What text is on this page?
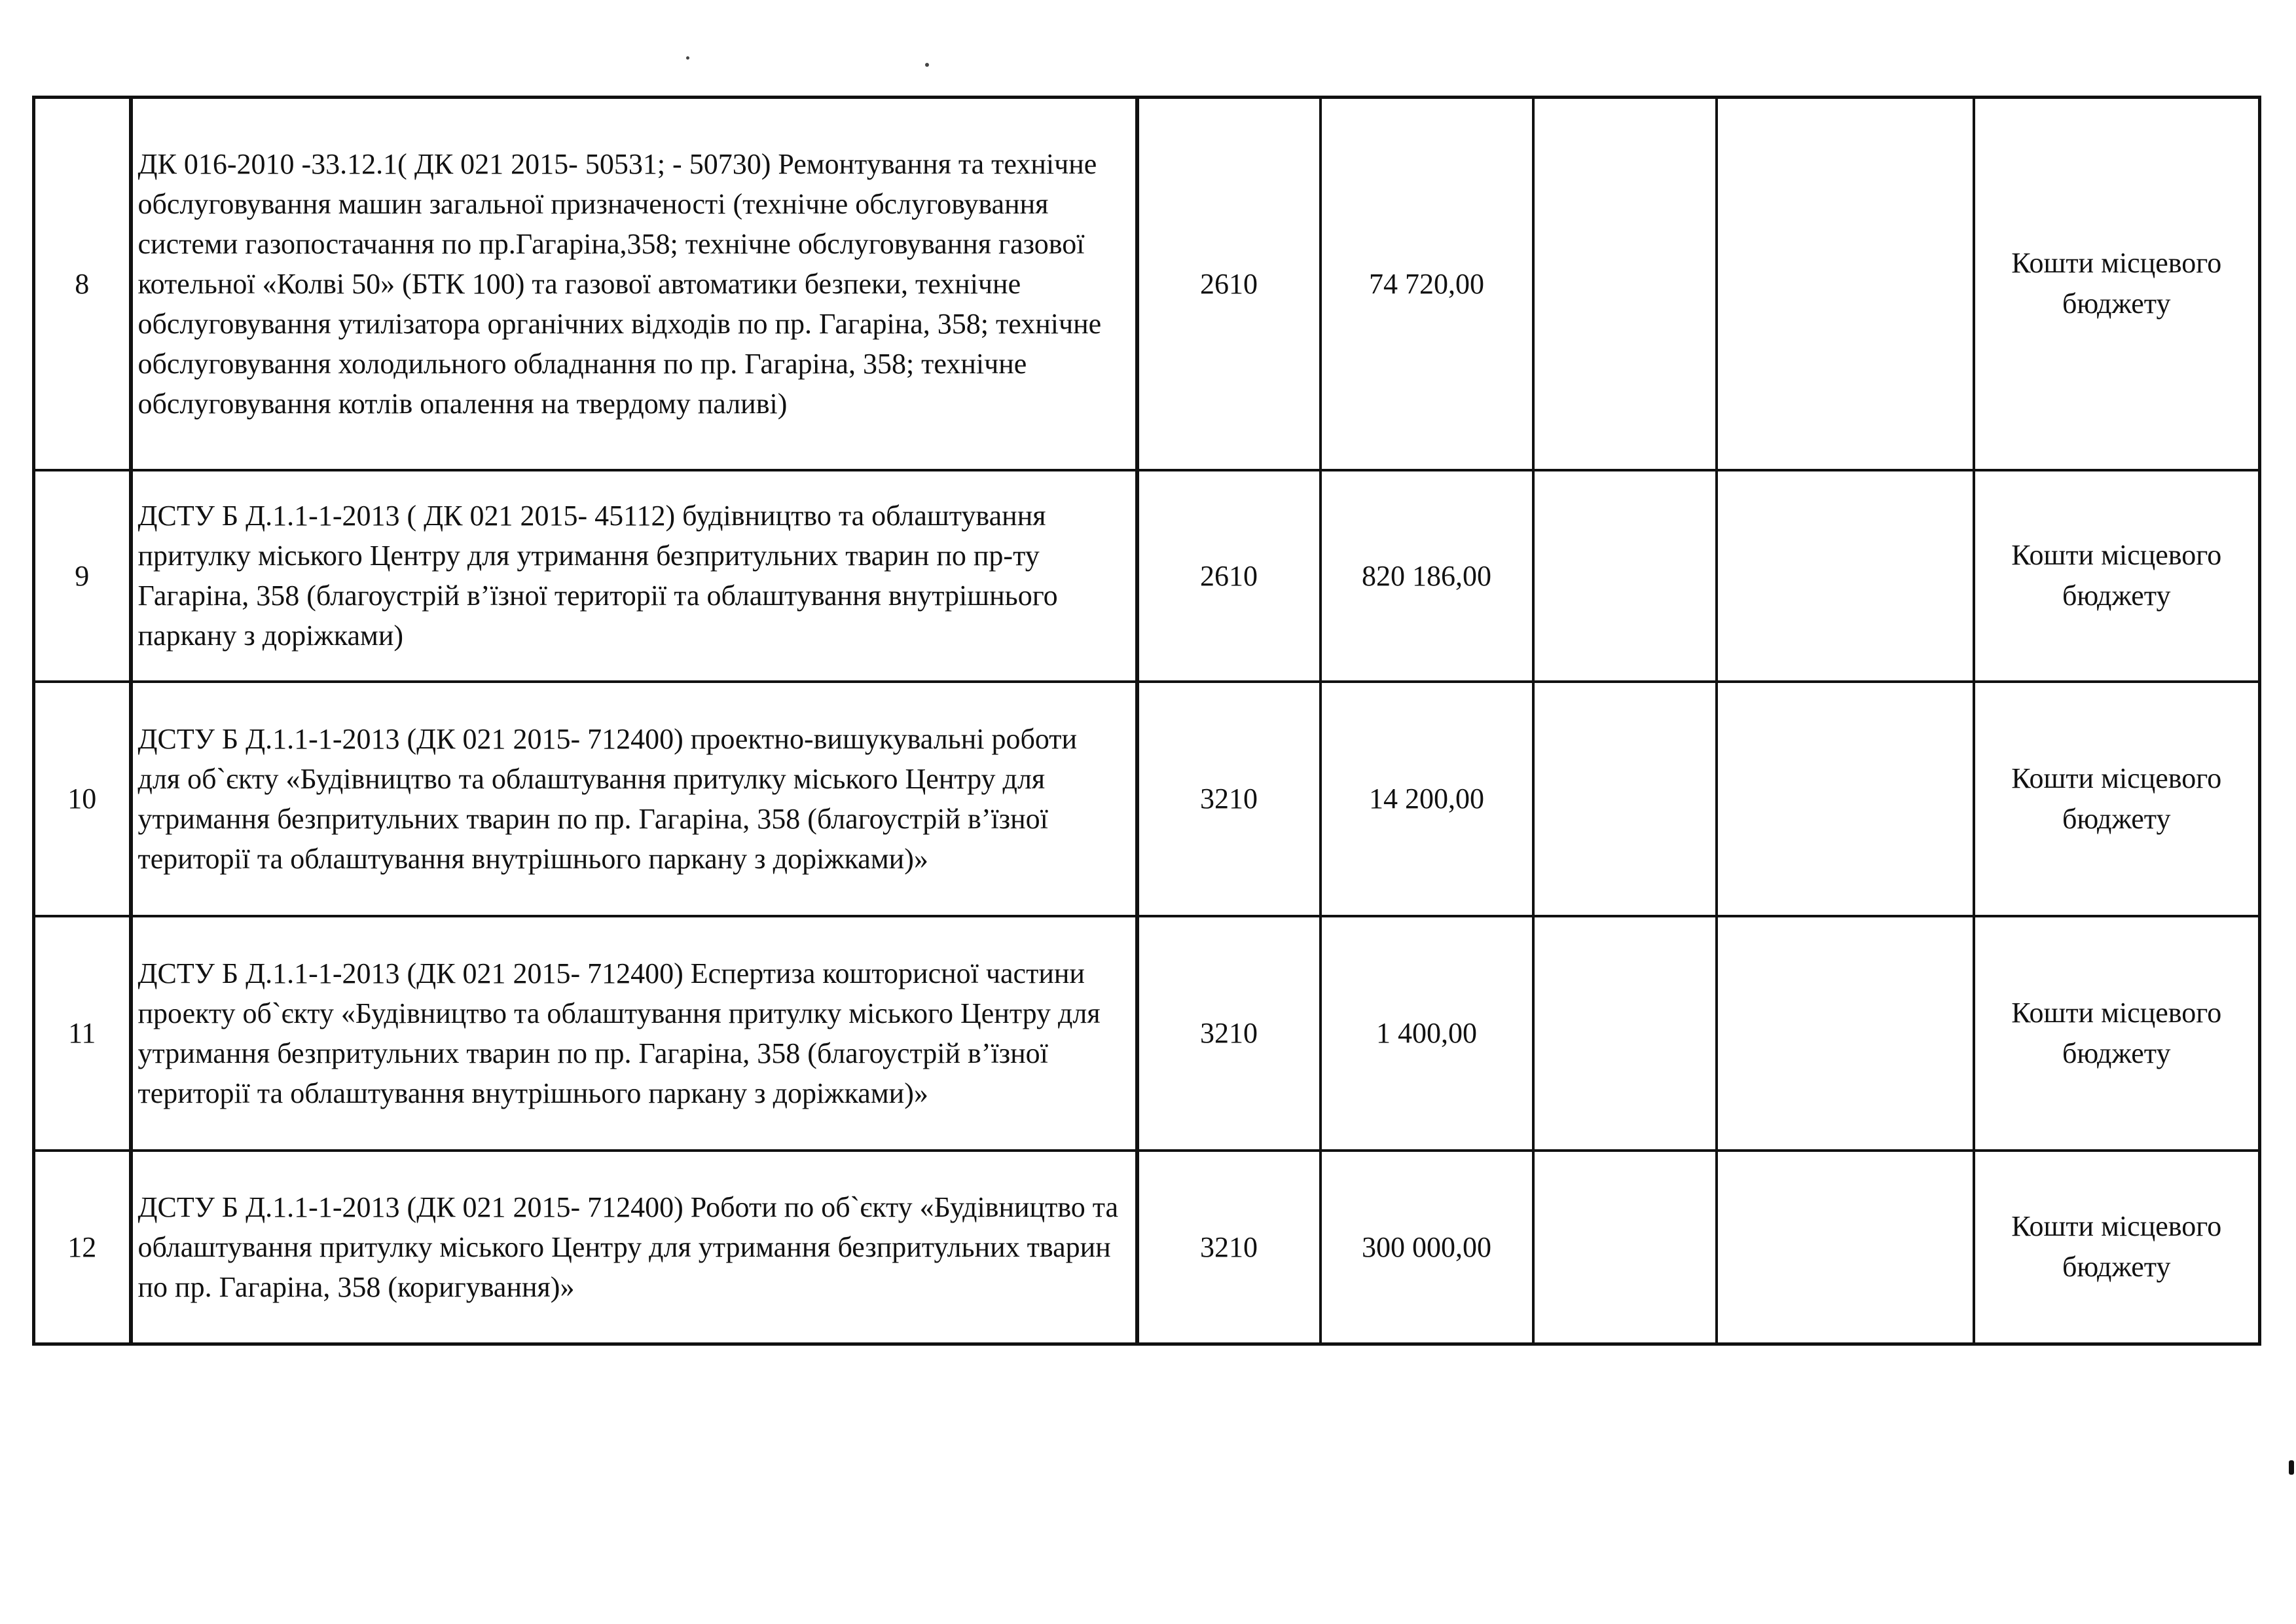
8	ДК 016-2010 -33.12.1( ДК 021 2015- 50531; - 50730) Ремонтування та технічне обслуговування машин загальної призначеності (технічне обслуговування системи газопостачання по пр.Гагаріна,358; технічне обслуговування газової котельної «Колві 50» (БТК 100) та газової автоматики безпеки, технічне обслуговування утилізатора органічних відходів по пр. Гагаріна, 358; технічне обслуговування холодильного обладнання по пр. Гагаріна, 358; технічне обслуговування котлів опалення на твердому паливі)	2610	74 720,00			Кошти місцевого
бюджету

9	ДСТУ Б Д.1.1-1-2013 ( ДК 021 2015- 45112) будівництво та облаштування притулку міського Центру для утримання безпритульних тварин по пр-ту Гагаріна, 358 (благоустрій в’їзної території та облаштування внутрішнього паркану з доріжками)	2610	820 186,00			Кошти місцевого
бюджету

10	ДСТУ Б Д.1.1-1-2013 (ДК 021 2015- 712400) проектно-вишукувальні роботи для об`єкту «Будівництво та облаштування притулку міського Центру для утримання безпритульних тварин по пр. Гагаріна, 358 (благоустрій в’їзної території та облаштування внутрішнього паркану з доріжками)»	3210	14 200,00			Кошти місцевого
бюджету

11	ДСТУ Б Д.1.1-1-2013 (ДК 021 2015- 712400) Еспертиза кошторисної частини проекту об`єкту «Будівництво та облаштування притулку міського Центру для утримання безпритульних тварин по пр. Гагаріна, 358 (благоустрій в’їзної території та облаштування внутрішнього паркану з доріжками)»	3210	1 400,00			Кошти місцевого
бюджету

12	ДСТУ Б Д.1.1-1-2013 (ДК 021 2015- 712400) Роботи по об`єкту «Будівництво та облаштування притулку міського Центру для утримання безпритульних тварин по пр. Гагаріна, 358 (коригування)»	3210	300 000,00			Кошти місцевого
бюджету
